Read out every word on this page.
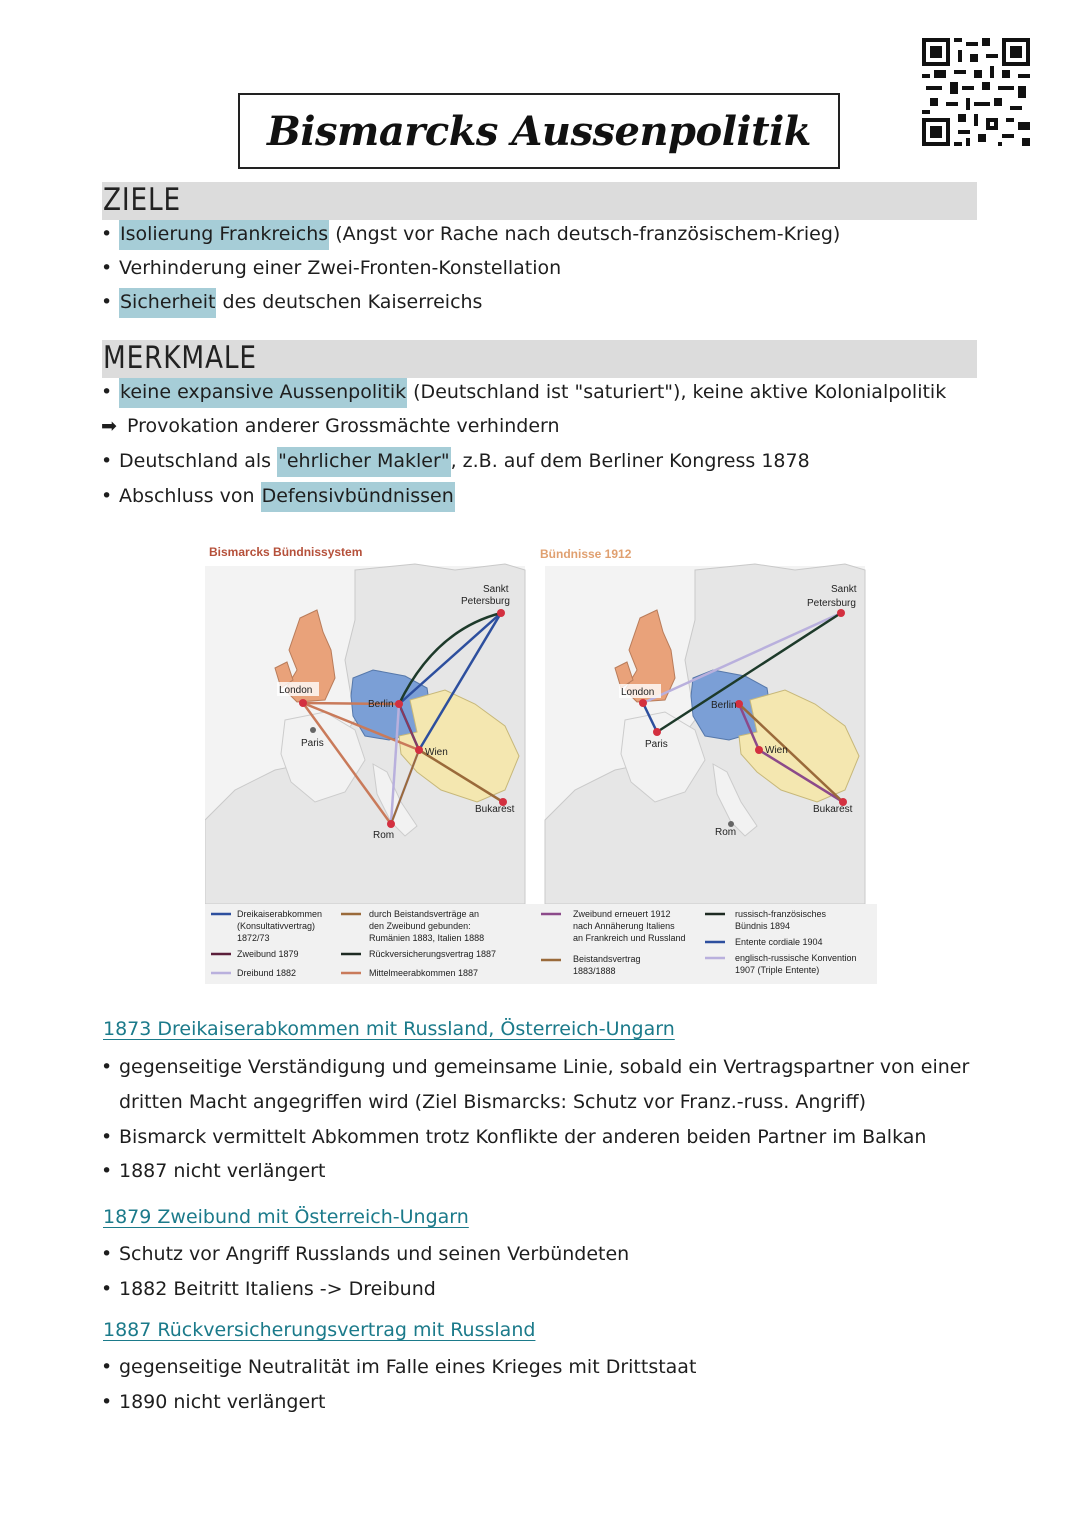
Bismarcks Aussenpolitik
ZIELE
• Isolierung Frankreichs (Angst vor Rache nach deutsch-französischem-Krieg)
• Verhinderung einer Zwei-Fronten-Konstellation
• Sicherheit des deutschen Kaiserreichs
MERKMALE
• keine expansive Aussenpolitik (Deutschland ist "saturiert"), keine aktive Kolonialpolitik
➡ Provokation anderer Grossmächte verhindern
• Deutschland als "ehrlicher Makler", z.B. auf dem Berliner Kongress 1878
• Abschluss von Defensivbündnissen
Bismarcks Bündnissystem
Sankt
Petersburg
London
Paris
Berlin
Wien
Rom
Bukarest
Bündnisse 1912
Sankt
Petersburg
London
Paris
Berlin
Wien
Rom
Bukarest
Dreikaiserabkommen
(Konsultativvertrag)
1872/73
Zweibund 1879
Dreibund 1882
durch Beistandsverträge an
den Zweibund gebunden:
Rumänien 1883, Italien 1888
Rückversicherungsvertrag 1887
Mittelmeerabkommen 1887
Zweibund erneuert 1912
nach Annäherung Italiens
an Frankreich und Russland
Beistandsvertrag
1883/1888
russisch-französisches
Bündnis 1894
Entente cordiale 1904
englisch-russische Konvention
1907 (Triple Entente)
1873 Dreikaiserabkommen mit Russland, Österreich-Ungarn
• gegenseitige Verständigung und gemeinsame Linie, sobald ein Vertragspartner von einer
dritten Macht angegriffen wird (Ziel Bismarcks: Schutz vor Franz.-russ. Angriff)
• Bismarck vermittelt Abkommen trotz Konflikte der anderen beiden Partner im Balkan
• 1887 nicht verlängert
1879 Zweibund mit Österreich-Ungarn
• Schutz vor Angriff Russlands und seinen Verbündeten
• 1882 Beitritt Italiens -> Dreibund
1887 Rückversicherungsvertrag mit Russland
• gegenseitige Neutralität im Falle eines Krieges mit Drittstaat
• 1890 nicht verlängert
